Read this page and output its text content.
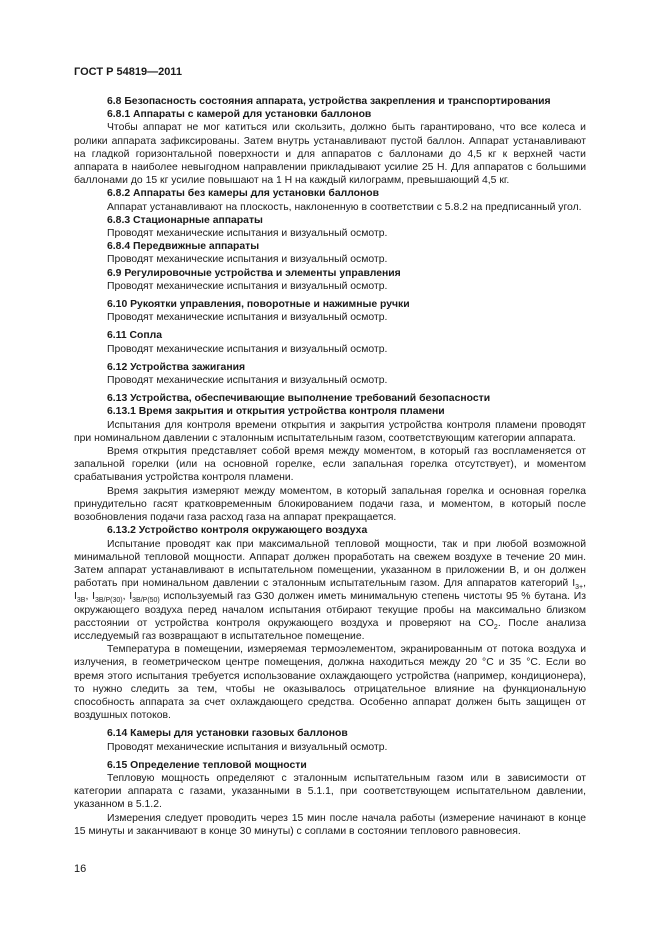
ГОСТ Р 54819—2011

6.8 Безопасность состояния аппарата, устройства закрепления и транспортирования

6.8.1 Аппараты с камерой для установки баллонов

Чтобы аппарат не мог катиться или скользить, должно быть гарантировано, что все колеса и ролики аппарата зафиксированы. Затем внутрь устанавливают пустой баллон. Аппарат устанавливают на гладкой горизонтальной поверхности и для аппаратов с баллонами до 4,5 кг к верхней части аппарата в наиболее невыгодном направлении прикладывают усилие 25 Н. Для аппаратов с большими баллонами до 15 кг усилие повышают на 1 Н на каждый килограмм, превышающий 4,5 кг.

6.8.2 Аппараты без камеры для установки баллонов

Аппарат устанавливают на плоскость, наклоненную в соответствии с 5.8.2 на предписанный угол.

6.8.3 Стационарные аппараты

Проводят механические испытания и визуальный осмотр.

6.8.4 Передвижные аппараты

Проводят механические испытания и визуальный осмотр.

6.9 Регулировочные устройства и элементы управления

Проводят механические испытания и визуальный осмотр.

6.10 Рукоятки управления, поворотные и нажимные ручки

Проводят механические испытания и визуальный осмотр.

6.11 Сопла

Проводят механические испытания и визуальный осмотр.

6.12 Устройства зажигания

Проводят механические испытания и визуальный осмотр.

6.13 Устройства, обеспечивающие выполнение требований безопасности

6.13.1 Время закрытия и открытия устройства контроля пламени

Испытания для контроля времени открытия и закрытия устройства контроля пламени проводят при номинальном давлении с эталонным испытательным газом, соответствующим категории аппарата.

Время открытия представляет собой время между моментом, в который газ воспламеняется от запальной горелки (или на основной горелке, если запальная горелка отсутствует), и моментом срабатывания устройства контроля пламени.

Время закрытия измеряют между моментом, в который запальная горелка и основная горелка принудительно гасят кратковременным блокированием подачи газа, и моментом, в который после возобновления подачи газа расход газа на аппарат прекращается.

6.13.2 Устройство контроля окружающего воздуха

Испытание проводят как при максимальной тепловой мощности, так и при любой возможной минимальной тепловой мощности. Аппарат должен проработать на свежем воздухе в течение 20 мин. Затем аппарат устанавливают в испытательном помещении, указанном в приложении В, и он должен работать при номинальном давлении с эталонным испытательным газом. Для аппаратов категорий $I_{3+}$, $I_{3B}$, $I_{3B/P(30)}$, $I_{3B/P(50)}$ используемый газ G30 должен иметь минимальную степень чистоты 95 % бутана. Из окружающего воздуха перед началом испытания отбирают текущие пробы на максимально близком расстоянии от устройства контроля окружающего воздуха и проверяют на $CO_2$. После анализа исследуемый газ возвращают в испытательное помещение.

Температура в помещении, измеряемая термоэлементом, экранированным от потока воздуха и излучения, в геометрическом центре помещения, должна находиться между 20 °С и 35 °С. Если во время этого испытания требуется использование охлаждающего устройства (например, кондиционера), то нужно следить за тем, чтобы не оказывалось отрицательное влияние на функциональную способность аппарата за счет охлаждающего средства. Особенно аппарат должен быть защищен от воздушных потоков.

6.14 Камеры для установки газовых баллонов

Проводят механические испытания и визуальный осмотр.

6.15 Определение тепловой мощности

Тепловую мощность определяют с эталонным испытательным газом или в зависимости от категории аппарата с газами, указанными в 5.1.1, при соответствующем испытательном давлении, указанном в 5.1.2.

Измерения следует проводить через 15 мин после начала работы (измерение начинают в конце 15 минуты и заканчивают в конце 30 минуты) с соплами в состоянии теплового равновесия.

16
